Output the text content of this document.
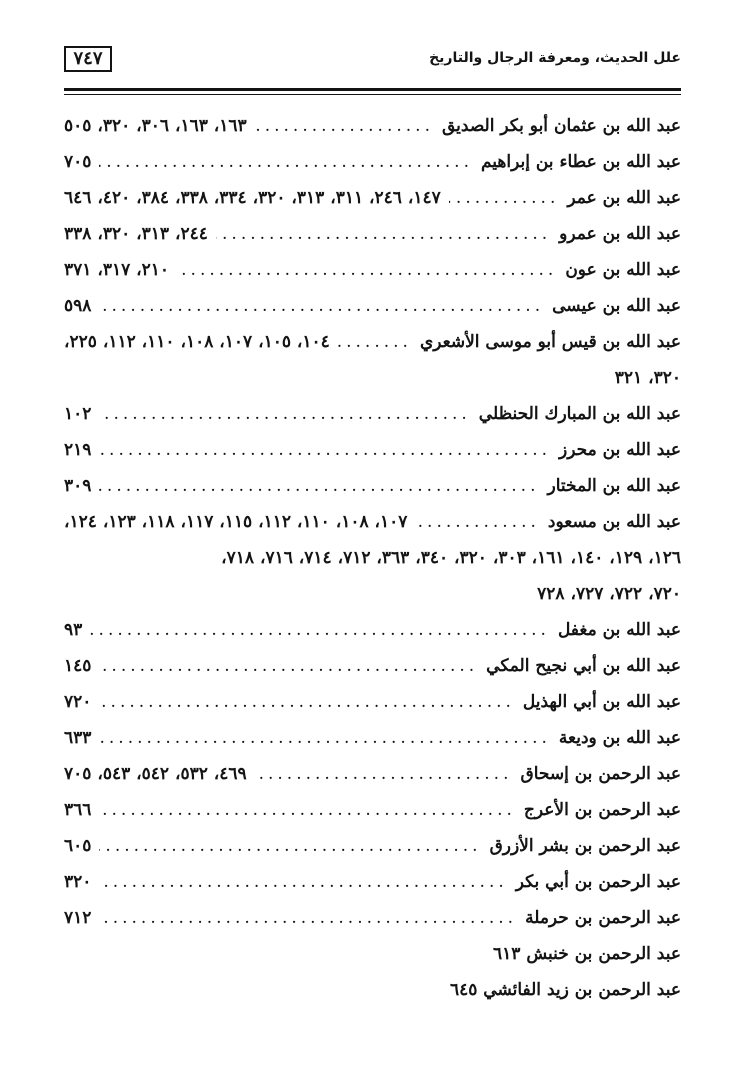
علل الحديث، ومعرفة الرجال والتاريخ
٧٤٧
عبد الله بن عثمان أبو بكر الصديق
.....
١٦٣، ١٦٣، ٣٠٦، ٣٢٠، ٥٠٥
عبد الله بن عطاء بن إبراهيم
.....
٧٠٥
عبد الله بن عمر
.....
١٤٧، ٢٤٦، ٣١١، ٣١٣، ٣٢٠، ٣٣٤، ٣٣٨، ٣٨٤، ٤٢٠، ٦٤٦
عبد الله بن عمرو
.....
٢٤٤، ٣١٣، ٣٢٠، ٣٣٨
عبد الله بن عون
.....
٢١٠، ٣١٧، ٣٧١
عبد الله بن عيسى
.....
٥٩٨
عبد الله بن قيس أبو موسى الأشعري
.....
١٠٤، ١٠٥، ١٠٧، ١٠٨، ١١٠، ١١٢، ٢٢٥،
٣٢٠، ٣٢١
عبد الله بن المبارك الحنظلي
.....
١٠٢
عبد الله بن محرز
.....
٢١٩
عبد الله بن المختار
.....
٣٠٩
عبد الله بن مسعود
.....
١٠٧، ١٠٨، ١١٠، ١١٢، ١١٥، ١١٧، ١١٨، ١٢٣، ١٢٤،
١٢٦، ١٢٩، ١٤٠، ١٦١، ٣٠٣، ٣٢٠، ٣٤٠، ٣٦٣، ٧١٢، ٧١٤، ٧١٦، ٧١٨،
٧٢٠، ٧٢٢، ٧٢٧، ٧٢٨
عبد الله بن مغفل
.....
٩٣
عبد الله بن أبي نجيح المكي
.....
١٤٥
عبد الله بن أبي الهذيل
.....
٧٢٠
عبد الله بن وديعة
.....
٦٣٣
عبد الرحمن بن إسحاق
.....
٤٦٩، ٥٣٢، ٥٤٢، ٥٤٣، ٧٠٥
عبد الرحمن بن الأعرج
.....
٣٦٦
عبد الرحمن بن بشر الأزرق
.....
٦٠٥
عبد الرحمن بن أبي بكر
.....
٣٢٠
عبد الرحمن بن حرملة
.....
٧١٢
عبد الرحمن بن خنبش ٦١٣
عبد الرحمن بن زيد الفائشي ٦٤٥
